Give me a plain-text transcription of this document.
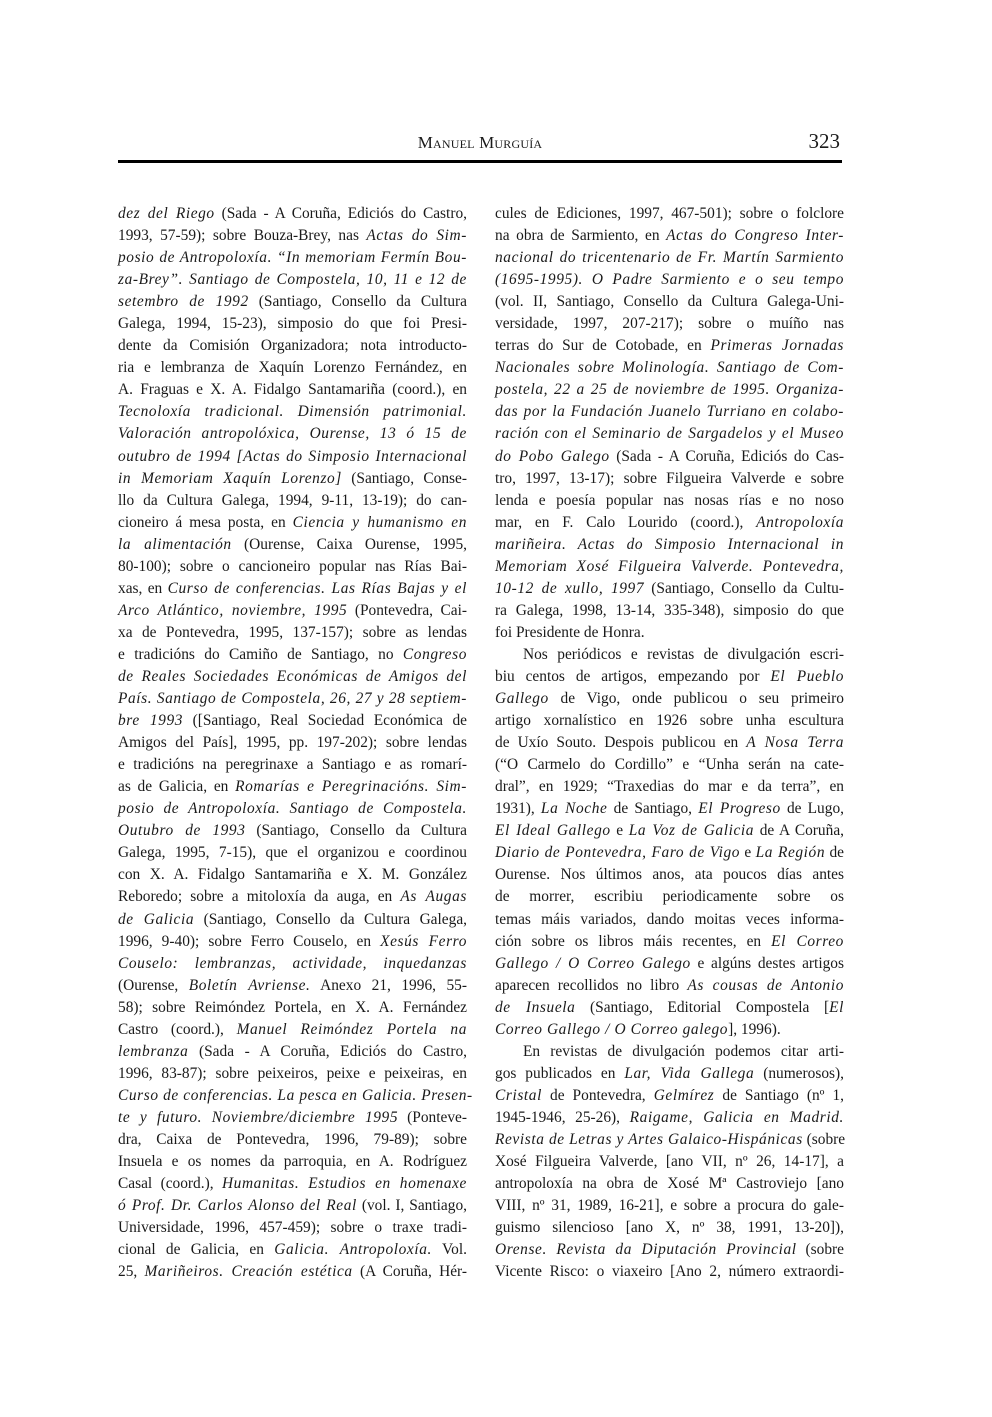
Manuel Murguía	323
dez del Riego (Sada - A Coruña, Ediciós do Castro,
1993, 57-59); sobre Bouza-Brey, nas Actas do Sim-
posio de Antropoloxía. “In memoriam Fermín Bou-
za-Brey”. Santiago de Compostela, 10, 11 e 12 de
setembro de 1992 (Santiago, Consello da Cultura
Galega, 1994, 15-23), simposio do que foi Presi-
dente da Comisión Organizadora; nota introducto-
ria e lembranza de Xaquín Lorenzo Fernández, en
A. Fraguas e X. A. Fidalgo Santamariña (coord.), en
Tecnoloxía tradicional. Dimensión patrimonial.
Valoración antropolóxica, Ourense, 13 ó 15 de
outubro de 1994 [Actas do Simposio Internacional
in Memoriam Xaquín Lorenzo] (Santiago, Conse-
llo da Cultura Galega, 1994, 9-11, 13-19); do can-
cioneiro á mesa posta, en Ciencia y humanismo en
la alimentación (Ourense, Caixa Ourense, 1995,
80-100); sobre o cancioneiro popular nas Rías Bai-
xas, en Curso de conferencias. Las Rías Bajas y el
Arco Atlántico, noviembre, 1995 (Pontevedra, Cai-
xa de Pontevedra, 1995, 137-157); sobre as lendas
e tradicións do Camiño de Santiago, no Congreso
de Reales Sociedades Económicas de Amigos del
País. Santiago de Compostela, 26, 27 y 28 septiem-
bre 1993 ([Santiago, Real Sociedad Económica de
Amigos del País], 1995, pp. 197-202); sobre lendas
e tradicións na peregrinaxe a Santiago e as romarí-
as de Galicia, en Romarías e Peregrinacións. Sim-
posio de Antropoloxía. Santiago de Compostela.
Outubro de 1993 (Santiago, Consello da Cultura
Galega, 1995, 7-15), que el organizou e coordinou
con X. A. Fidalgo Santamariña e X. M. González
Reboredo; sobre a mitoloxía da auga, en As Augas
de Galicia (Santiago, Consello da Cultura Galega,
1996, 9-40); sobre Ferro Couselo, en Xesús Ferro
Couselo: lembranzas, actividade, inquedanzas
(Ourense, Boletín Avriense. Anexo 21, 1996, 55-
58); sobre Reimóndez Portela, en X. A. Fernández
Castro (coord.), Manuel Reimóndez Portela na
lembranza (Sada - A Coruña, Ediciós do Castro,
1996, 83-87); sobre peixeiros, peixe e peixeiras, en
Curso de conferencias. La pesca en Galicia. Presen-
te y futuro. Noviembre/diciembre 1995 (Ponteve-
dra, Caixa de Pontevedra, 1996, 79-89); sobre
Insuela e os nomes da parroquia, en A. Rodríguez
Casal (coord.), Humanitas. Estudios en homenaxe
ó Prof. Dr. Carlos Alonso del Real (vol. I, Santiago,
Universidade, 1996, 457-459); sobre o traxe tradi-
cional de Galicia, en Galicia. Antropoloxía. Vol.
25, Mariñeiros. Creación estética (A Coruña, Hér-
cules de Ediciones, 1997, 467-501); sobre o folclore
na obra de Sarmiento, en Actas do Congreso Inter-
nacional do tricentenario de Fr. Martín Sarmiento
(1695-1995). O Padre Sarmiento e o seu tempo
(vol. II, Santiago, Consello da Cultura Galega-Uni-
versidade, 1997, 207-217); sobre o muíño nas
terras do Sur de Cotobade, en Primeras Jornadas
Nacionales sobre Molinología. Santiago de Com-
postela, 22 a 25 de noviembre de 1995. Organiza-
das por la Fundación Juanelo Turriano en colabo-
ración con el Seminario de Sargadelos y el Museo
do Pobo Galego (Sada - A Coruña, Ediciós do Cas-
tro, 1997, 13-17); sobre Filgueira Valverde e sobre
lenda e poesía popular nas nosas rías e no noso
mar, en F. Calo Lourido (coord.), Antropoloxía
mariñeira. Actas do Simposio Internacional in
Memoriam Xosé Filgueira Valverde. Pontevedra,
10-12 de xullo, 1997 (Santiago, Consello da Cultu-
ra Galega, 1998, 13-14, 335-348), simposio do que
foi Presidente de Honra.
Nos periódicos e revistas de divulgación escri-
biu centos de artigos, empezando por El Pueblo
Gallego de Vigo, onde publicou o seu primeiro
artigo xornalístico en 1926 sobre unha escultura
de Uxío Souto. Despois publicou en A Nosa Terra
(“O Carmelo do Cordillo” e “Unha serán na cate-
dral”, en 1929; “Traxedias do mar e da terra”, en
1931), La Noche de Santiago, El Progreso de Lugo,
El Ideal Gallego e La Voz de Galicia de A Coruña,
Diario de Pontevedra, Faro de Vigo e La Región de
Ourense. Nos últimos anos, ata poucos días antes
de morrer, escribiu periodicamente sobre os
temas máis variados, dando moitas veces informa-
ción sobre os libros máis recentes, en El Correo
Gallego / O Correo Galego e algúns destes artigos
aparecen recollidos no libro As cousas de Antonio
de Insuela (Santiago, Editorial Compostela [El
Correo Gallego / O Correo galego], 1996).
En revistas de divulgación podemos citar arti-
gos publicados en Lar, Vida Gallega (numerosos),
Cristal de Pontevedra, Gelmírez de Santiago (nº 1,
1945-1946, 25-26), Raigame, Galicia en Madrid.
Revista de Letras y Artes Galaico-Hispánicas (sobre
Xosé Filgueira Valverde, [ano VII, nº 26, 14-17], a
antropoloxía na obra de Xosé Mª Castroviejo [ano
VIII, nº 31, 1989, 16-21], e sobre a procura do gale-
guismo silencioso [ano X, nº 38, 1991, 13-20]),
Orense. Revista da Diputación Provincial (sobre
Vicente Risco: o viaxeiro [Ano 2, número extraordi-
